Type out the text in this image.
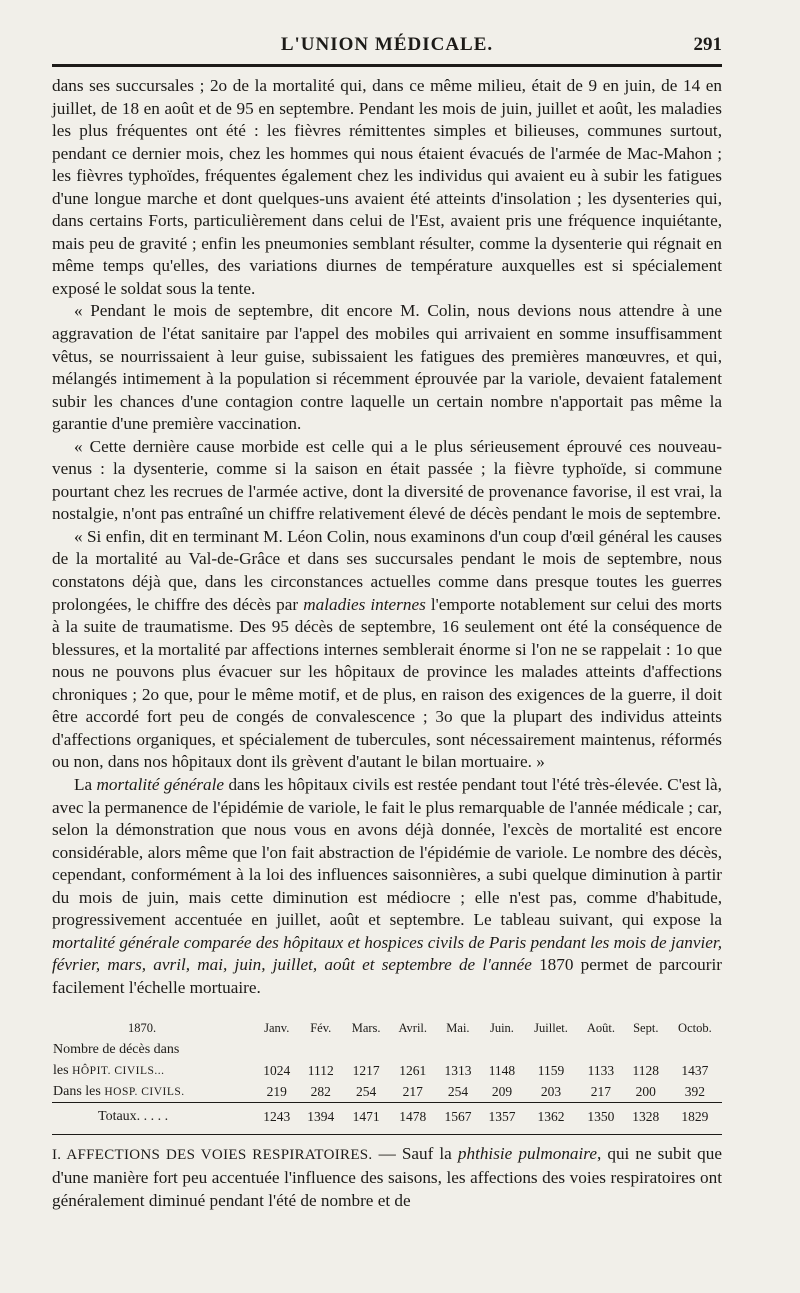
L'UNION MÉDICALE.	291

dans ses succursales ; 2o de la mortalité qui, dans ce même milieu, était de 9 en juin, de 14 en juillet, de 18 en août et de 95 en septembre. Pendant les mois de juin, juillet et août, les maladies les plus fréquentes ont été : les fièvres rémittentes simples et bilieuses, communes surtout, pendant ce dernier mois, chez les hommes qui nous étaient évacués de l'armée de Mac-Mahon ; les fièvres typhoïdes, fréquentes également chez les individus qui avaient eu à subir les fatigues d'une longue marche et dont quelques-uns avaient été atteints d'insolation ; les dysenteries qui, dans certains Forts, particulièrement dans celui de l'Est, avaient pris une fréquence inquiétante, mais peu de gravité ; enfin les pneumonies semblant résulter, comme la dysenterie qui régnait en même temps qu'elles, des variations diurnes de température auxquelles est si spécialement exposé le soldat sous la tente.

« Pendant le mois de septembre, dit encore M. Colin, nous devions nous attendre à une aggravation de l'état sanitaire par l'appel des mobiles qui arrivaient en somme insuffisamment vêtus, se nourrissaient à leur guise, subissaient les fatigues des premières manœuvres, et qui, mélangés intimement à la population si récemment éprouvée par la variole, devaient fatalement subir les chances d'une contagion contre laquelle un certain nombre n'apportait pas même la garantie d'une première vaccination.

« Cette dernière cause morbide est celle qui a le plus sérieusement éprouvé ces nouveau-venus : la dysenterie, comme si la saison en était passée ; la fièvre typhoïde, si commune pourtant chez les recrues de l'armée active, dont la diversité de provenance favorise, il est vrai, la nostalgie, n'ont pas entraîné un chiffre relativement élevé de décès pendant le mois de septembre.

« Si enfin, dit en terminant M. Léon Colin, nous examinons d'un coup d'œil général les causes de la mortalité au Val-de-Grâce et dans ses succursales pendant le mois de septembre, nous constatons déjà que, dans les circonstances actuelles comme dans presque toutes les guerres prolongées, le chiffre des décès par maladies internes l'emporte notablement sur celui des morts à la suite de traumatisme. Des 95 décès de septembre, 16 seulement ont été la conséquence de blessures, et la mortalité par affections internes semblerait énorme si l'on ne se rappelait : 1o que nous ne pouvons plus évacuer sur les hôpitaux de province les malades atteints d'affections chroniques ; 2o que, pour le même motif, et de plus, en raison des exigences de la guerre, il doit être accordé fort peu de congés de convalescence ; 3o que la plupart des individus atteints d'affections organiques, et spécialement de tubercules, sont nécessairement maintenus, réformés ou non, dans nos hôpitaux dont ils grèvent d'autant le bilan mortuaire. »

La mortalité générale dans les hôpitaux civils est restée pendant tout l'été très-élevée. C'est là, avec la permanence de l'épidémie de variole, le fait le plus remarquable de l'année médicale ; car, selon la démonstration que nous vous en avons déjà donnée, l'excès de mortalité est encore considérable, alors même que l'on fait abstraction de l'épidémie de variole. Le nombre des décès, cependant, conformément à la loi des influences saisonnières, a subi quelque diminution à partir du mois de juin, mais cette diminution est médiocre ; elle n'est pas, comme d'habitude, progressivement accentuée en juillet, août et septembre. Le tableau suivant, qui expose la mortalité générale comparée des hôpitaux et hospices civils de Paris pendant les mois de janvier, février, mars, avril, mai, juin, juillet, août et septembre de l'année 1870 permet de parcourir facilement l'échelle mortuaire.

1870.	Janv.	Fév.	Mars.	Avril.	Mai.	Juin.	Juillet.	Août.	Sept.	Octob.
Nombre de décès dans										
les HÔPIT. CIVILS...	1024	1112	1217	1261	1313	1148	1159	1133	1128	1437
Dans les HOSP. CIVILS.	219	282	254	217	254	209	203	217	200	392
Totaux. . . . .	1243	1394	1471	1478	1567	1357	1362	1350	1328	1829

I. AFFECTIONS DES VOIES RESPIRATOIRES. — Sauf la phthisie pulmonaire, qui ne subit que d'une manière fort peu accentuée l'influence des saisons, les affections des voies respiratoires ont généralement diminué pendant l'été de nombre et de
